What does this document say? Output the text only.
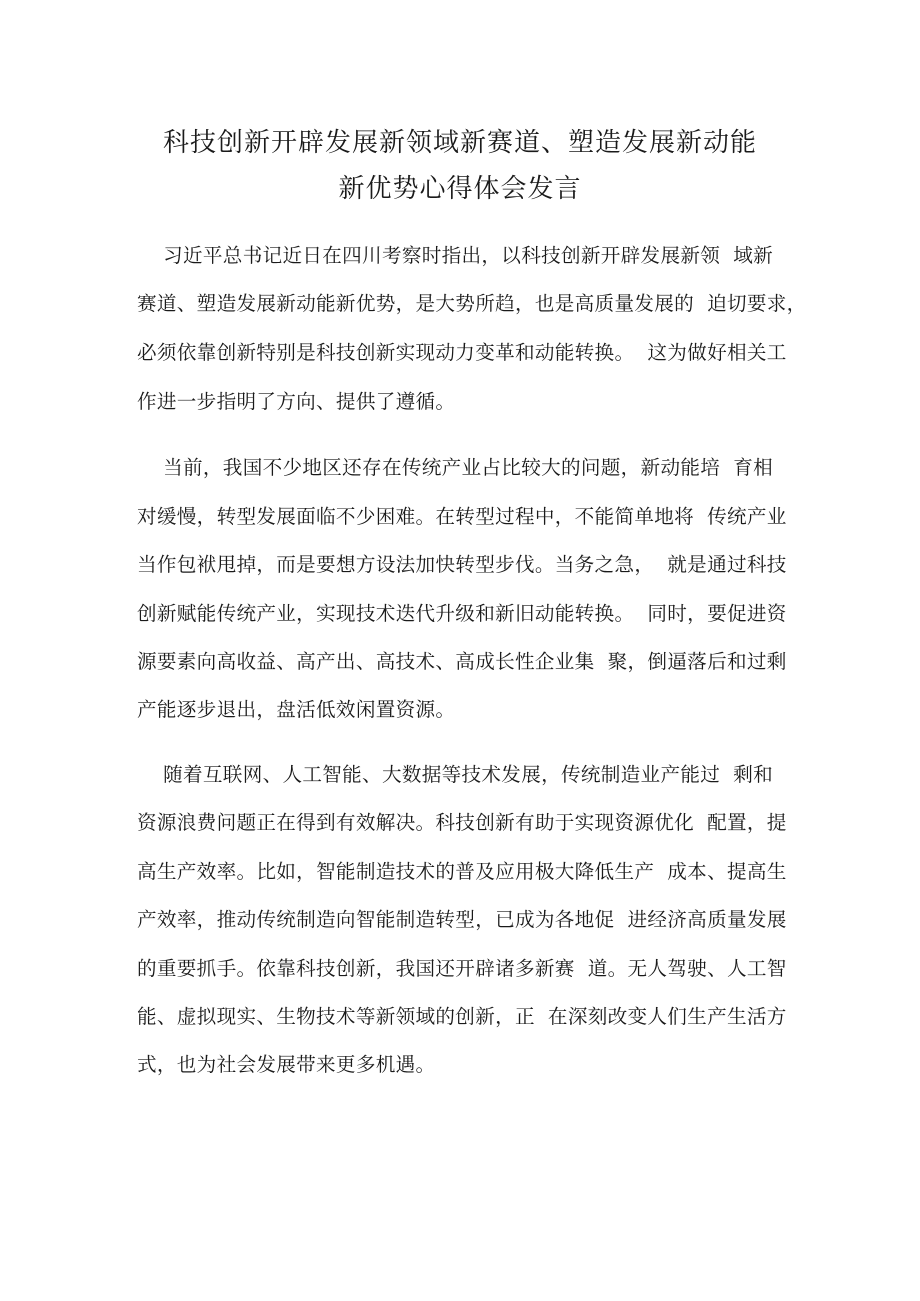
科技创新开辟发展新领域新赛道、塑造发展新动能
新优势心得体会发言
习近平总书记近日在四川考察时指出，以科技创新开辟发展新领  域新
赛道、塑造发展新动能新优势，是大势所趋，也是高质量发展的  迫切要求，
必须依靠创新特别是科技创新实现动力变革和动能转换。  这为做好相关工
作进一步指明了方向、提供了遵循。
当前，我国不少地区还存在传统产业占比较大的问题，新动能培  育相
对缓慢，转型发展面临不少困难。在转型过程中，不能简单地将  传统产业
当作包袱甩掉，而是要想方设法加快转型步伐。当务之急，  就是通过科技
创新赋能传统产业，实现技术迭代升级和新旧动能转换。  同时，要促进资
源要素向高收益、高产出、高技术、高成长性企业集  聚，倒逼落后和过剩
产能逐步退出，盘活低效闲置资源。
随着互联网、人工智能、大数据等技术发展，传统制造业产能过  剩和
资源浪费问题正在得到有效解决。科技创新有助于实现资源优化  配置，提
高生产效率。比如，智能制造技术的普及应用极大降低生产  成本、提高生
产效率，推动传统制造向智能制造转型，已成为各地促  进经济高质量发展
的重要抓手。依靠科技创新，我国还开辟诸多新赛  道。无人驾驶、人工智
能、虚拟现实、生物技术等新领域的创新，正  在深刻改变人们生产生活方
式，也为社会发展带来更多机遇。
